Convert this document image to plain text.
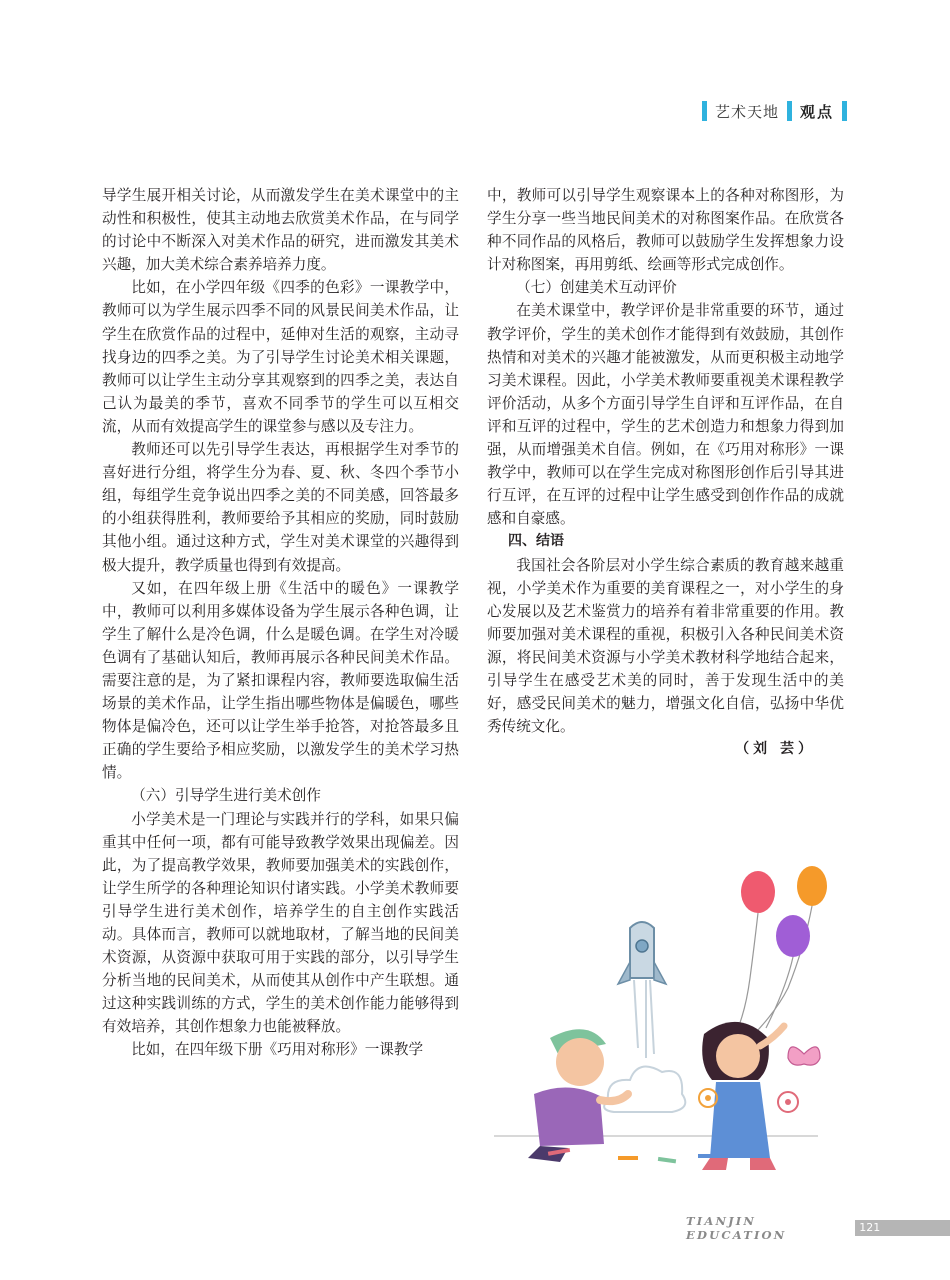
艺术天地 观点

导学生展开相关讨论，从而激发学生在美术课堂中的主动性和积极性，使其主动地去欣赏美术作品，在与同学的讨论中不断深入对美术作品的研究，进而激发其美术兴趣，加大美术综合素养培养力度。

比如，在小学四年级《四季的色彩》一课教学中，教师可以为学生展示四季不同的风景民间美术作品，让学生在欣赏作品的过程中，延伸对生活的观察，主动寻找身边的四季之美。为了引导学生讨论美术相关课题，教师可以让学生主动分享其观察到的四季之美，表达自己认为最美的季节，喜欢不同季节的学生可以互相交流，从而有效提高学生的课堂参与感以及专注力。

教师还可以先引导学生表达，再根据学生对季节的喜好进行分组，将学生分为春、夏、秋、冬四个季节小组，每组学生竞争说出四季之美的不同美感，回答最多的小组获得胜利，教师要给予其相应的奖励，同时鼓励其他小组。通过这种方式，学生对美术课堂的兴趣得到极大提升，教学质量也得到有效提高。

又如，在四年级上册《生活中的暖色》一课教学中，教师可以利用多媒体设备为学生展示各种色调，让学生了解什么是冷色调，什么是暖色调。在学生对冷暖色调有了基础认知后，教师再展示各种民间美术作品。需要注意的是，为了紧扣课程内容，教师要选取偏生活场景的美术作品，让学生指出哪些物体是偏暖色，哪些物体是偏冷色，还可以让学生举手抢答，对抢答最多且正确的学生要给予相应奖励，以激发学生的美术学习热情。

（六）引导学生进行美术创作

小学美术是一门理论与实践并行的学科，如果只偏重其中任何一项，都有可能导致教学效果出现偏差。因此，为了提高教学效果，教师要加强美术的实践创作，让学生所学的各种理论知识付诸实践。小学美术教师要引导学生进行美术创作，培养学生的自主创作实践活动。具体而言，教师可以就地取材，了解当地的民间美术资源，从资源中获取可用于实践的部分，以引导学生分析当地的民间美术，从而使其从创作中产生联想。通过这种实践训练的方式，学生的美术创作能力能够得到有效培养，其创作想象力也能被释放。

比如，在四年级下册《巧用对称形》一课教学

中，教师可以引导学生观察课本上的各种对称图形，为学生分享一些当地民间美术的对称图案作品。在欣赏各种不同作品的风格后，教师可以鼓励学生发挥想象力设计对称图案，再用剪纸、绘画等形式完成创作。

（七）创建美术互动评价

在美术课堂中，教学评价是非常重要的环节，通过教学评价，学生的美术创作才能得到有效鼓励，其创作热情和对美术的兴趣才能被激发，从而更积极主动地学习美术课程。因此，小学美术教师要重视美术课程教学评价活动，从多个方面引导学生自评和互评作品，在自评和互评的过程中，学生的艺术创造力和想象力得到加强，从而增强美术自信。例如，在《巧用对称形》一课教学中，教师可以在学生完成对称图形创作后引导其进行互评，在互评的过程中让学生感受到创作作品的成就感和自豪感。

四、结语

我国社会各阶层对小学生综合素质的教育越来越重视，小学美术作为重要的美育课程之一，对小学生的身心发展以及艺术鉴赏力的培养有着非常重要的作用。教师要加强对美术课程的重视，积极引入各种民间美术资源，将民间美术资源与小学美术教材科学地结合起来，引导学生在感受艺术美的同时，善于发现生活中的美好，感受民间美术的魅力，增强文化自信，弘扬中华优秀传统文化。

（刘 芸）

TIANJIN EDUCATION
121
